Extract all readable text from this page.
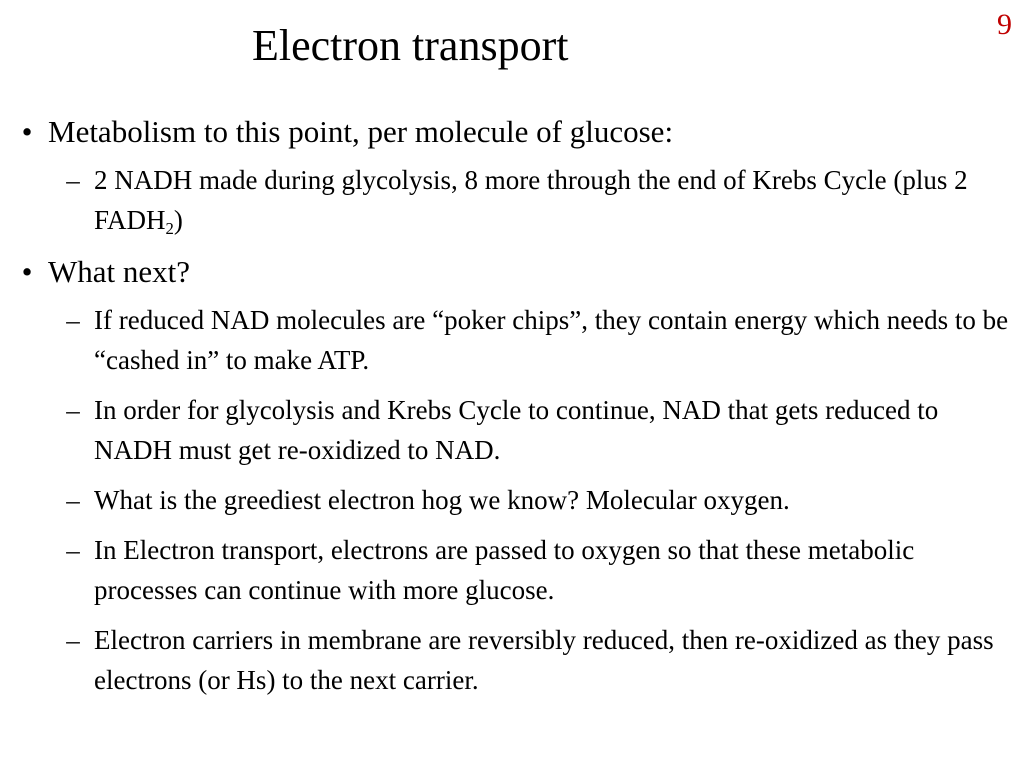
9
Electron transport
• Metabolism to this point, per molecule of glucose:
– 2 NADH made during glycolysis, 8 more through the end of Krebs Cycle (plus 2 $FADH_2$)
• What next?
– If reduced NAD molecules are “poker chips”, they contain energy which needs to be “cashed in” to make ATP.
– In order for glycolysis and Krebs Cycle to continue, NAD that gets reduced to NADH must get re-oxidized to NAD.
– What is the greediest electron hog we know? Molecular oxygen.
– In Electron transport, electrons are passed to oxygen so that these metabolic processes can continue with more glucose.
– Electron carriers in membrane are reversibly reduced, then re-oxidized as they pass electrons (or Hs) to the next carrier.
